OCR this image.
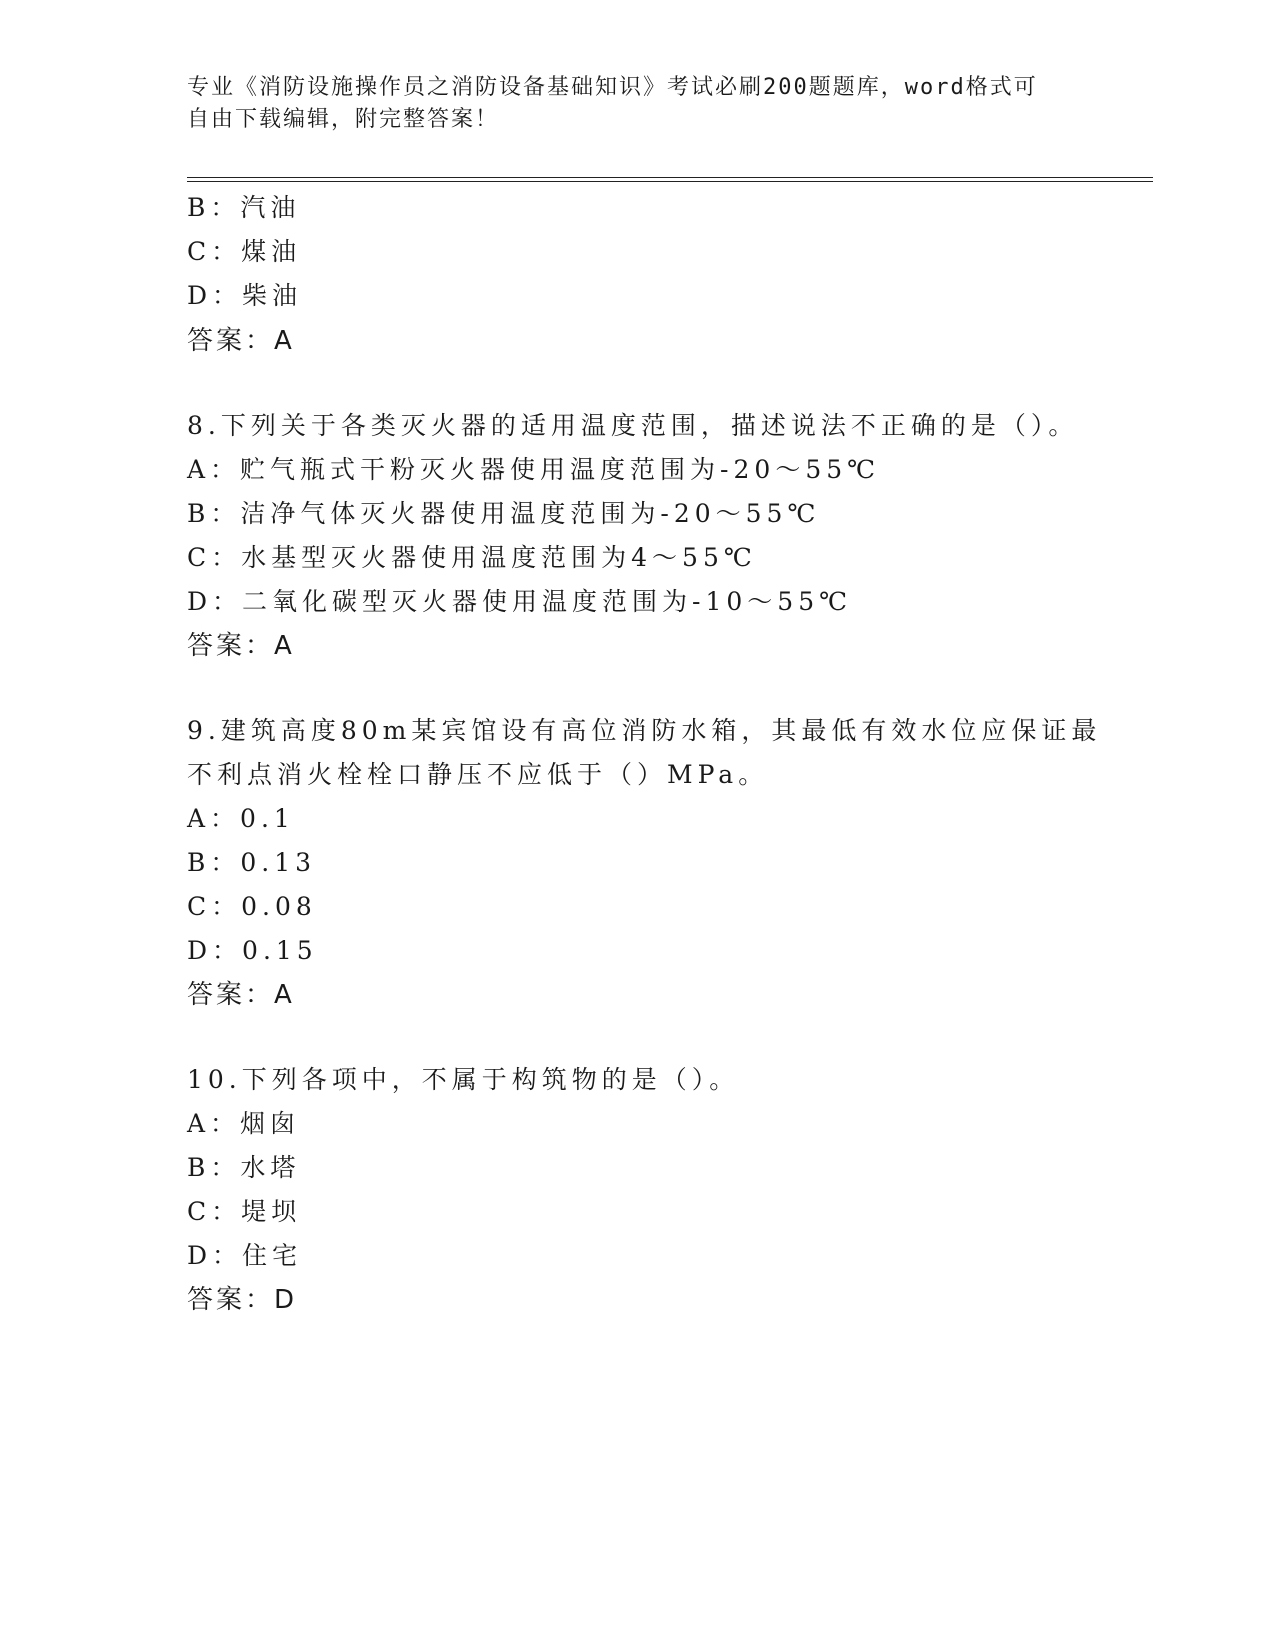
专业《消防设施操作员之消防设备基础知识》考试必刷200题题库，word格式可
自由下载编辑，附完整答案！
B：汽油
C：煤油
D：柴油
答案：A
8.下列关于各类灭火器的适用温度范围，描述说法不正确的是（）。
A：贮气瓶式干粉灭火器使用温度范围为-20～55℃
B：洁净气体灭火器使用温度范围为-20～55℃
C：水基型灭火器使用温度范围为4～55℃
D：二氧化碳型灭火器使用温度范围为-10～55℃
答案：A
9.建筑高度80m某宾馆设有高位消防水箱，其最低有效水位应保证最
不利点消火栓栓口静压不应低于（）MPa。
A：0.1
B：0.13
C：0.08
D：0.15
答案：A
10.下列各项中，不属于构筑物的是（）。
A：烟囱
B：水塔
C：堤坝
D：住宅
答案：D
